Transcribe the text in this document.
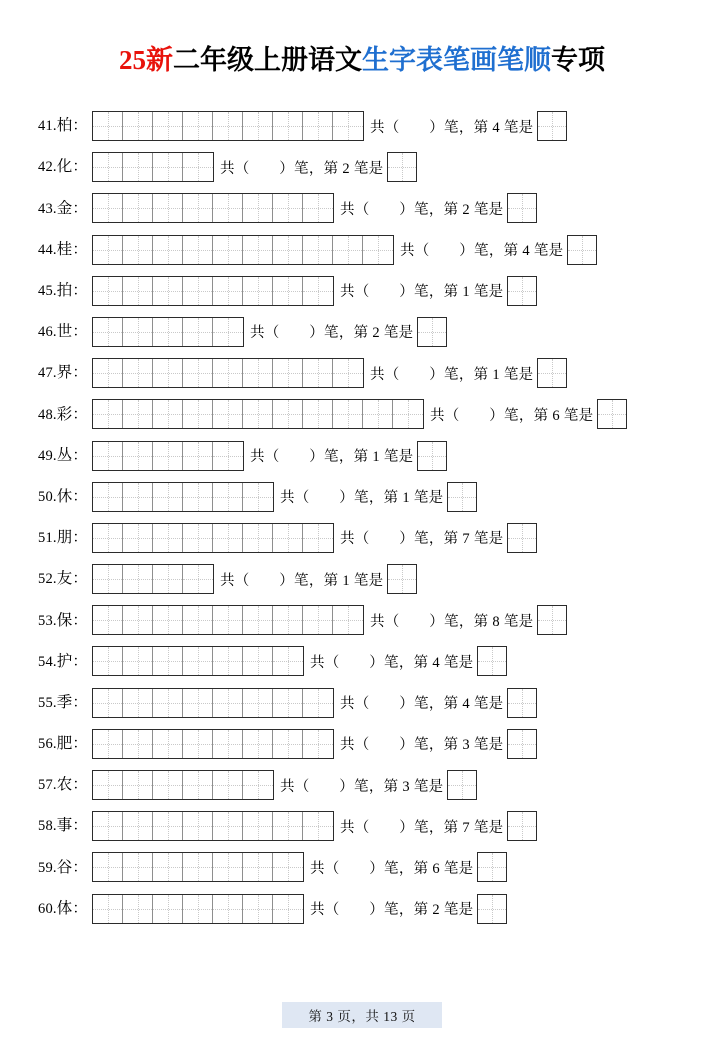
25新二年级上册语文生字表笔画笔顺专项
41.柏：	共（　　 ）笔，第 4 笔是
42.化：	共（　　 ）笔，第 2 笔是
43.金：	共（　　 ）笔，第 2 笔是
44.桂：	共（　　 ）笔，第 4 笔是
45.拍：	共（　　 ）笔，第 1 笔是
46.世：	共（　　 ）笔，第 2 笔是
47.界：	共（　　 ）笔，第 1 笔是
48.彩：	共（　　 ）笔，第 6 笔是
49.丛：	共（　　 ）笔，第 1 笔是
50.休：	共（　　 ）笔，第 1 笔是
51.朋：	共（　　 ）笔，第 7 笔是
52.友：	共（　　 ）笔，第 1 笔是
53.保：	共（　　 ）笔，第 8 笔是
54.护：	共（　　 ）笔，第 4 笔是
55.季：	共（　　 ）笔，第 4 笔是
56.肥：	共（　　 ）笔，第 3 笔是
57.农：	共（　　 ）笔，第 3 笔是
58.事：	共（　　 ）笔，第 7 笔是
59.谷：	共（　　 ）笔，第 6 笔是
60.体：	共（　　 ）笔，第 2 笔是
第 3 页，共 13 页
